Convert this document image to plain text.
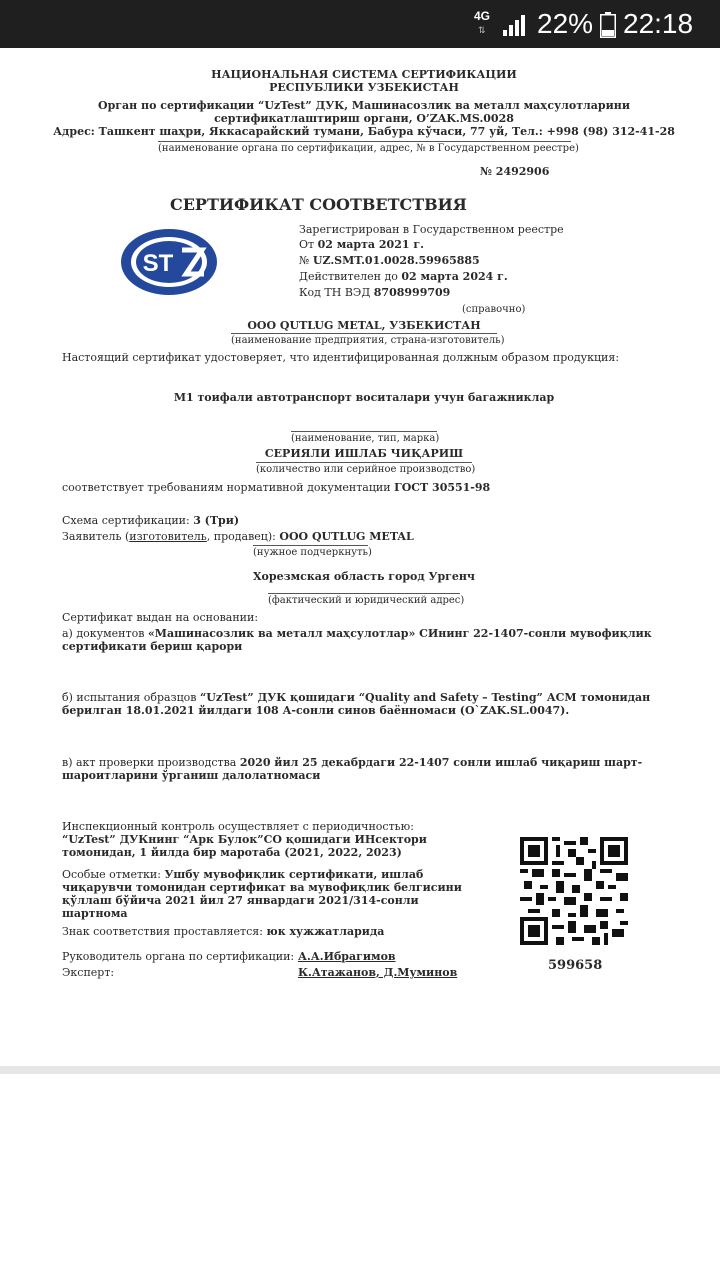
4G
⇅ 22% 22:18
НАЦИОНАЛЬНАЯ СИСТЕМА СЕРТИФИКАЦИИ
РЕСПУБЛИКИ УЗБЕКИСТАН
Орган по сертификации “UzTest” ДУК, Машинасозлик ва металл маҳсулотларини
сертификатлаштириш органи, O’ZAK.MS.0028
Адрес: Ташкент шаҳри, Яккасарайский тумани, Бабура кўчаси, 77 уй, Тел.: +998 (98) 312-41-28
(наименование органа по сертификации, адрес, № в Государственном реестре)
№ 2492906
СЕРТИФИКАТ СООТВЕТСТВИЯ
ST
Зарегистрирован в Государственном реестре
От 02 марта 2021 г.
№ UZ.SMT.01.0028.59965885
Действителен до 02 марта 2024 г.
Код ТН ВЭД 8708999709
(справочно)
ООО QUTLUG METAL, УЗБЕКИСТАН
(наименование предприятия, страна-изготовитель)
Настоящий сертификат удостоверяет, что идентифицированная должным образом продукция:
М1 тоифали автотранспорт воситалари учун багажниклар
(наименование, тип, марка)
СЕРИЯЛИ ИШЛАБ ЧИҚАРИШ
(количество или серийное производство)
соответствует требованиям нормативной документации ГОСТ 30551-98
Схема сертификации: 3 (Три)
Заявитель (изготовитель, продавец): ООО QUTLUG METAL
(нужное подчеркнуть)
Хорезмская область город Ургенч
(фактический и юридический адрес)
Сертификат выдан на основании:
а) документов «Машинасозлик ва металл маҳсулотлар» СИнинг 22-1407-сонли мувофиқлик сертификати бериш қарори
б) испытания образцов “UzTest” ДУК қошидаги “Quality and Safety – Testing” АСМ томонидан берилган 18.01.2021 йилдаги 108 А-сонли синов баённомаси (O`ZAK.SL.0047).
в) акт проверки производства 2020 йил 25 декабрдаги 22-1407 сонли ишлаб чиқариш шарт-шароитларини ўрганиш далолатномаси
Инспекционный контроль осуществляет с периодичностью:
“UzTest” ДУКнинг “Арк Булок”СО қошидаги ИНсектори томонидан, 1 йилда бир маротаба (2021, 2022, 2023)
Особые отметки: Ушбу мувофиқлик сертификати, ишлаб чиқарувчи томонидан сертификат ва мувофиқлик белгисини қўллаш бўйича 2021 йил 27 январдаги 2021/314-сонли шартнома
Знак соответствия проставляется: юк хужжатларида
Руководитель органа по сертификации: А.А.Ибрагимов
Эксперт:	К.Атажанов, Д.Муминов	599658
